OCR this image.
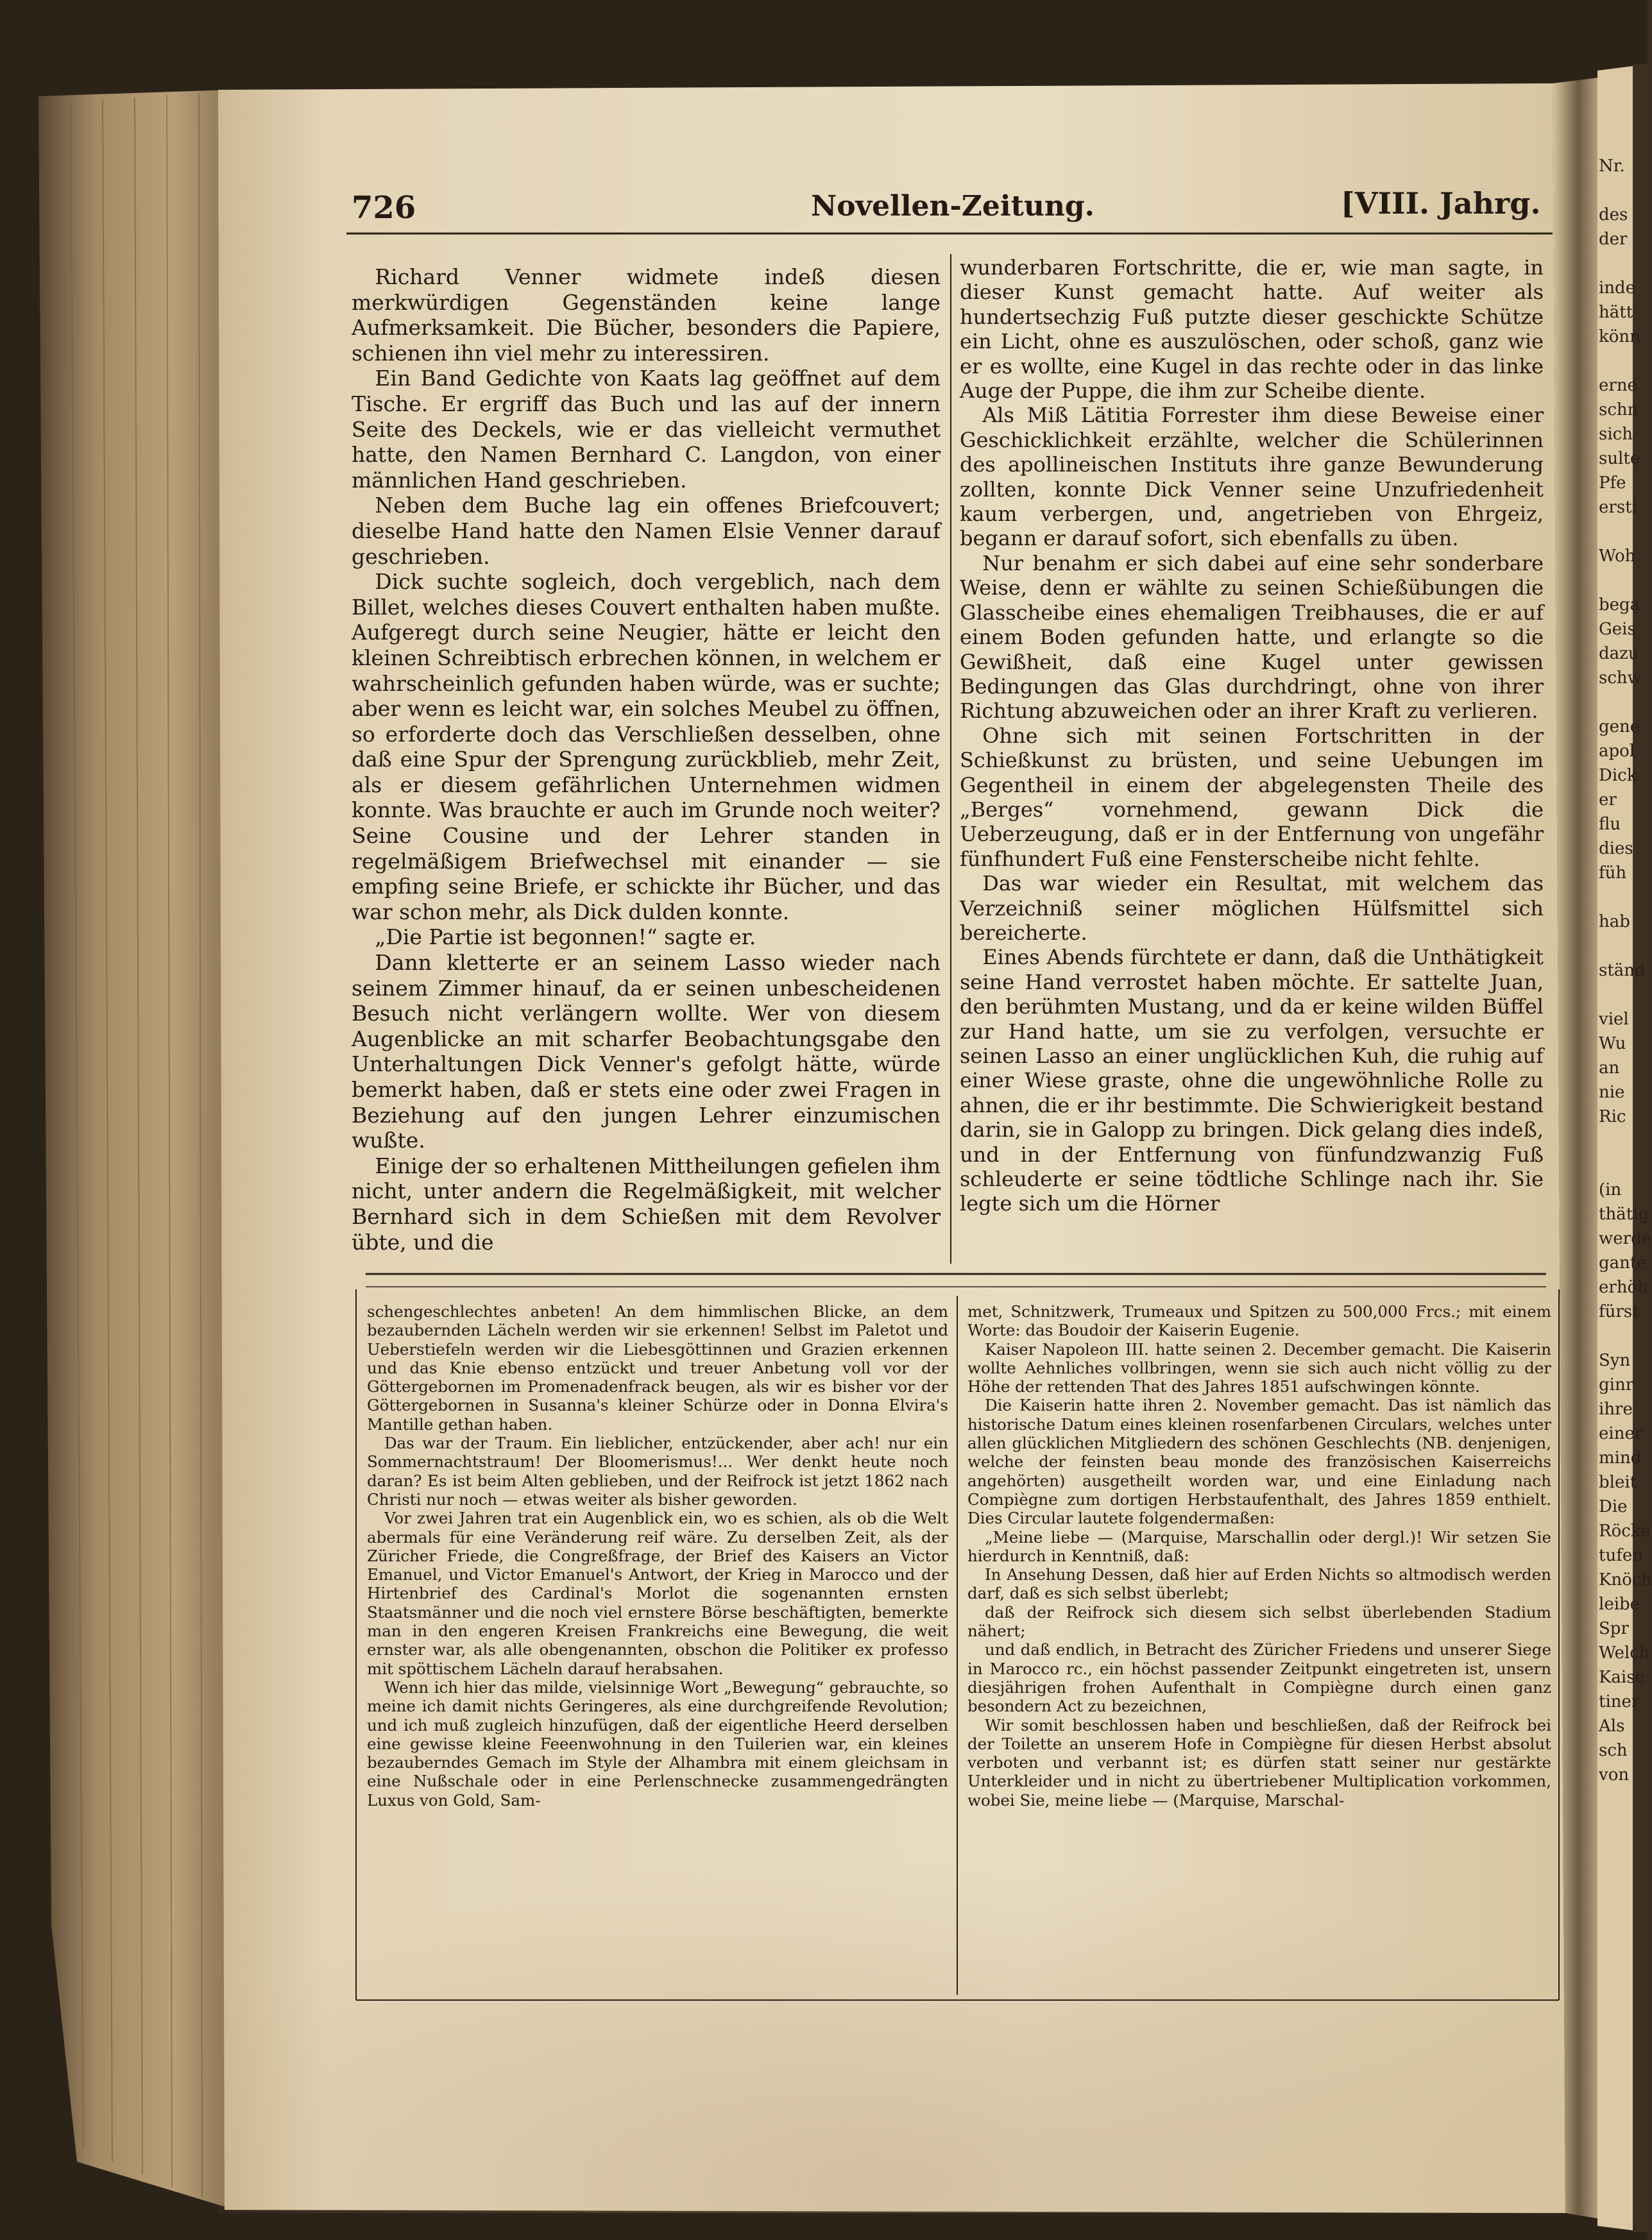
726	Novellen-Zeitung.	[VIII. Jahrg.

Richard Venner widmete indeß diesen merkwürdigen Gegenständen keine lange Aufmerksamkeit. Die Bücher, besonders die Papiere, schienen ihn viel mehr zu interessiren.

Ein Band Gedichte von Kaats lag geöffnet auf dem Tische. Er ergriff das Buch und las auf der innern Seite des Deckels, wie er das vielleicht vermuthet hatte, den Namen Bernhard C. Langdon, von einer männlichen Hand geschrieben.

Neben dem Buche lag ein offenes Briefcouvert; dieselbe Hand hatte den Namen Elsie Venner darauf geschrieben.

Dick suchte sogleich, doch vergeblich, nach dem Billet, welches dieses Couvert enthalten haben mußte. Aufgeregt durch seine Neugier, hätte er leicht den kleinen Schreibtisch erbrechen können, in welchem er wahrscheinlich gefunden haben würde, was er suchte; aber wenn es leicht war, ein solches Meubel zu öffnen, so erforderte doch das Verschließen desselben, ohne daß eine Spur der Sprengung zurückblieb, mehr Zeit, als er diesem gefährlichen Unternehmen widmen konnte. Was brauchte er auch im Grunde noch weiter? Seine Cousine und der Lehrer standen in regelmäßigem Briefwechsel mit einander — sie empfing seine Briefe, er schickte ihr Bücher, und das war schon mehr, als Dick dulden konnte.

„Die Partie ist begonnen!“ sagte er.

Dann kletterte er an seinem Lasso wieder nach seinem Zimmer hinauf, da er seinen unbescheidenen Besuch nicht verlängern wollte. Wer von diesem Augenblicke an mit scharfer Beobachtungsgabe den Unterhaltungen Dick Venner's gefolgt hätte, würde bemerkt haben, daß er stets eine oder zwei Fragen in Beziehung auf den jungen Lehrer einzumischen wußte.

Einige der so erhaltenen Mittheilungen gefielen ihm nicht, unter andern die Regelmäßigkeit, mit welcher Bernhard sich in dem Schießen mit dem Revolver übte, und die

wunderbaren Fortschritte, die er, wie man sagte, in dieser Kunst gemacht hatte. Auf weiter als hundertsechzig Fuß putzte dieser geschickte Schütze ein Licht, ohne es auszulöschen, oder schoß, ganz wie er es wollte, eine Kugel in das rechte oder in das linke Auge der Puppe, die ihm zur Scheibe diente.

Als Miß Lätitia Forrester ihm diese Beweise einer Geschicklichkeit erzählte, welcher die Schülerinnen des apollineischen Instituts ihre ganze Bewunderung zollten, konnte Dick Venner seine Unzufriedenheit kaum verbergen, und, angetrieben von Ehrgeiz, begann er darauf sofort, sich ebenfalls zu üben.

Nur benahm er sich dabei auf eine sehr sonderbare Weise, denn er wählte zu seinen Schießübungen die Glasscheibe eines ehemaligen Treibhauses, die er auf einem Boden gefunden hatte, und erlangte so die Gewißheit, daß eine Kugel unter gewissen Bedingungen das Glas durchdringt, ohne von ihrer Richtung abzuweichen oder an ihrer Kraft zu verlieren.

Ohne sich mit seinen Fortschritten in der Schießkunst zu brüsten, und seine Uebungen im Gegentheil in einem der abgelegensten Theile des „Berges“ vornehmend, gewann Dick die Ueberzeugung, daß er in der Entfernung von ungefähr fünfhundert Fuß eine Fensterscheibe nicht fehlte.

Das war wieder ein Resultat, mit welchem das Verzeichniß seiner möglichen Hülfsmittel sich bereicherte.

Eines Abends fürchtete er dann, daß die Unthätigkeit seine Hand verrostet haben möchte. Er sattelte Juan, den berühmten Mustang, und da er keine wilden Büffel zur Hand hatte, um sie zu verfolgen, versuchte er seinen Lasso an einer unglücklichen Kuh, die ruhig auf einer Wiese graste, ohne die ungewöhnliche Rolle zu ahnen, die er ihr bestimmte. Die Schwierigkeit bestand darin, sie in Galopp zu bringen. Dick gelang dies indeß, und in der Entfernung von fünfundzwanzig Fuß schleuderte er seine tödtliche Schlinge nach ihr. Sie legte sich um die Hörner

schengeschlechtes anbeten! An dem himmlischen Blicke, an dem bezaubernden Lächeln werden wir sie erkennen! Selbst im Paletot und Ueberstiefeln werden wir die Liebesgöttinnen und Grazien erkennen und das Knie ebenso entzückt und treuer Anbetung voll vor der Göttergebornen im Promenadenfrack beugen, als wir es bisher vor der Göttergebornen in Susanna's kleiner Schürze oder in Donna Elvira's Mantille gethan haben.

Das war der Traum. Ein lieblicher, entzückender, aber ach! nur ein Sommernachtstraum! Der Bloomerismus!... Wer denkt heute noch daran? Es ist beim Alten geblieben, und der Reifrock ist jetzt 1862 nach Christi nur noch — etwas weiter als bisher geworden.

Vor zwei Jahren trat ein Augenblick ein, wo es schien, als ob die Welt abermals für eine Veränderung reif wäre. Zu derselben Zeit, als der Züricher Friede, die Congreßfrage, der Brief des Kaisers an Victor Emanuel, und Victor Emanuel's Antwort, der Krieg in Marocco und der Hirtenbrief des Cardinal's Morlot die sogenannten ernsten Staatsmänner und die noch viel ernstere Börse beschäftigten, bemerkte man in den engeren Kreisen Frankreichs eine Bewegung, die weit ernster war, als alle obengenannten, obschon die Politiker ex professo mit spöttischem Lächeln darauf herabsahen.

Wenn ich hier das milde, vielsinnige Wort „Bewegung“ gebrauchte, so meine ich damit nichts Geringeres, als eine durchgreifende Revolution; und ich muß zugleich hinzufügen, daß der eigentliche Heerd derselben eine gewisse kleine Feeenwohnung in den Tuilerien war, ein kleines bezauberndes Gemach im Style der Alhambra mit einem gleichsam in eine Nußschale oder in eine Perlenschnecke zusammengedrängten Luxus von Gold, Sam-

met, Schnitzwerk, Trumeaux und Spitzen zu 500,000 Frcs.; mit einem Worte: das Boudoir der Kaiserin Eugenie.

Kaiser Napoleon III. hatte seinen 2. December gemacht. Die Kaiserin wollte Aehnliches vollbringen, wenn sie sich auch nicht völlig zu der Höhe der rettenden That des Jahres 1851 aufschwingen könnte.

Die Kaiserin hatte ihren 2. November gemacht. Das ist nämlich das historische Datum eines kleinen rosenfarbenen Circulars, welches unter allen glücklichen Mitgliedern des schönen Geschlechts (NB. denjenigen, welche der feinsten beau monde des französischen Kaiserreichs angehörten) ausgetheilt worden war, und eine Einladung nach Compiègne zum dortigen Herbstaufenthalt, des Jahres 1859 enthielt. Dies Circular lautete folgendermaßen:

„Meine liebe — (Marquise, Marschallin oder dergl.)! Wir setzen Sie hierdurch in Kenntniß, daß:

In Ansehung Dessen, daß hier auf Erden Nichts so altmodisch werden darf, daß es sich selbst überlebt;

daß der Reifrock sich diesem sich selbst überlebenden Stadium nähert;

und daß endlich, in Betracht des Züricher Friedens und unserer Siege in Marocco rc., ein höchst passender Zeitpunkt eingetreten ist, unsern diesjährigen frohen Aufenthalt in Compiègne durch einen ganz besondern Act zu bezeichnen,

Wir somit beschlossen haben und beschließen, daß der Reifrock bei der Toilette an unserem Hofe in Compiègne für diesen Herbst absolut verboten und verbannt ist; es dürfen statt seiner nur gestärkte Unterkleider und in nicht zu übertriebener Multiplication vorkommen, wobei Sie, meine liebe — (Marquise, Marschal-

Nr.
des
der
inde
hätt
könn
erne
schn
sich
sulte
Pfe
ersti
Woh
bega
Geis
dazu
schw
gene
apol
Dick
er
flu
dies
füh
hab
ständ
viel
Wu
an
nie
Ric
(in
thätig
werde
gante
erhöh
fürst
Syn
ginr
ihre
einer
mind
bleit
Die
Röcke
tufen
Knöch
leibe
Spr
Welch
Kaise
tiner
Als
sch
von
